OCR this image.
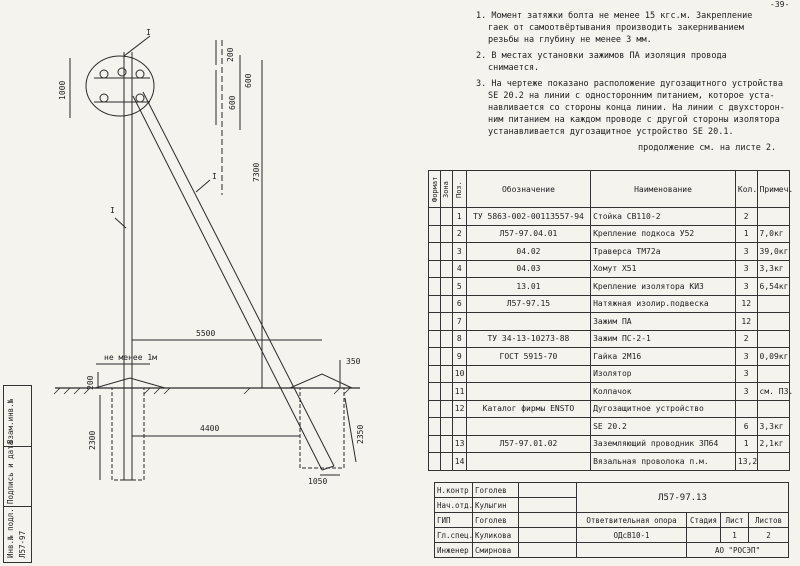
I
I
I
1000
200
600
600
7300
5500
не менее 1м
200
350
4400
2300	2350
1050
-39-
1. Момент затяжки болта не менее 15 кгс.м. Закрепление
гаек от самоотвёртывания производить закерниванием
резьбы на глубину не менее 3 мм.
2. В местах установки зажимов ПА изоляция провода
снимается.
3. На чертеже показано расположение дугозащитного устройства
SE 20.2 на линии с односторонним питанием, которое уста-
навливается со стороны конца линии. На линии с двухсторон-
ним питанием на каждом проводе с другой стороны изолятора
устанавливается дугозащитное устройство SE 20.1.
продолжение см. на листе 2.
Формат	Зона	Поз.	Обозначение	Наименование	Кол.	Примеч.
		1	ТУ 5863-002-00113557-94	Стойка СВ110-2	2	
		2	Л57-97.04.01	Крепление подкоса У52	1	7,0кг
		3	04.02	Траверса ТМ72а	3	39,0кг
		4	04.03	Хомут Х51	3	3,3кг
		5	13.01	Крепление изолятора КИЗ	3	6,54кг
		6	Л57-97.15	Натяжная изолир.подвеска	12	
		7		Зажим ПА	12	
		8	ТУ 34-13-10273-88	Зажим ПС-2-1	2	
		9	ГОСТ 5915-70	Гайка 2М16	3	0,09кг
		10		Изолятор	3	
		11		Колпачок	3	см. П3.
		12	Каталог фирмы ENSTO	Дугозащитное устройство		
				SE 20.2	6	3,3кг
		13	Л57-97.01.02	Заземляющий проводник ЗП64	1	2,1кг
		14		Вязальная проволока п.м.	13,2	
Взам.инв.№
Подпись и дата
Инв.№ подл. Л57-97
Н.контр	Гоголев		Л57-97.13			
Нач.отд.	Кулыгин					
ГИП	Гоголев		Ответвительная опора	Стадия	Лист	Листов
Гл.спец.	Куликова		ОДсВ10-1		1	2
Инженер	Смирнова			АО "РОСЭП"		
